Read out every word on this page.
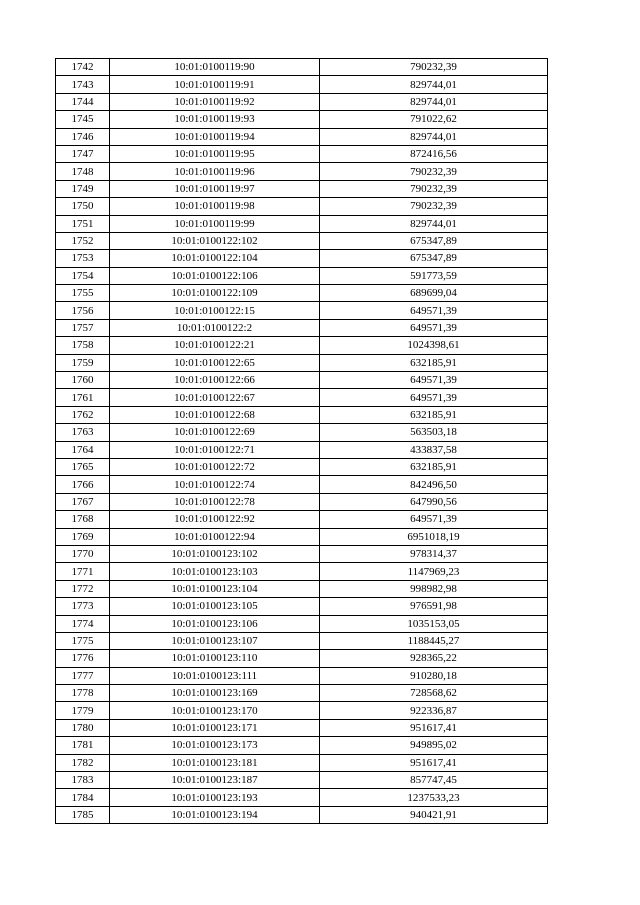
1742	10:01:0100119:90	790232,39
1743	10:01:0100119:91	829744,01
1744	10:01:0100119:92	829744,01
1745	10:01:0100119:93	791022,62
1746	10:01:0100119:94	829744,01
1747	10:01:0100119:95	872416,56
1748	10:01:0100119:96	790232,39
1749	10:01:0100119:97	790232,39
1750	10:01:0100119:98	790232,39
1751	10:01:0100119:99	829744,01
1752	10:01:0100122:102	675347,89
1753	10:01:0100122:104	675347,89
1754	10:01:0100122:106	591773,59
1755	10:01:0100122:109	689699,04
1756	10:01:0100122:15	649571,39
1757	10:01:0100122:2	649571,39
1758	10:01:0100122:21	1024398,61
1759	10:01:0100122:65	632185,91
1760	10:01:0100122:66	649571,39
1761	10:01:0100122:67	649571,39
1762	10:01:0100122:68	632185,91
1763	10:01:0100122:69	563503,18
1764	10:01:0100122:71	433837,58
1765	10:01:0100122:72	632185,91
1766	10:01:0100122:74	842496,50
1767	10:01:0100122:78	647990,56
1768	10:01:0100122:92	649571,39
1769	10:01:0100122:94	6951018,19
1770	10:01:0100123:102	978314,37
1771	10:01:0100123:103	1147969,23
1772	10:01:0100123:104	998982,98
1773	10:01:0100123:105	976591,98
1774	10:01:0100123:106	1035153,05
1775	10:01:0100123:107	1188445,27
1776	10:01:0100123:110	928365,22
1777	10:01:0100123:111	910280,18
1778	10:01:0100123:169	728568,62
1779	10:01:0100123:170	922336,87
1780	10:01:0100123:171	951617,41
1781	10:01:0100123:173	949895,02
1782	10:01:0100123:181	951617,41
1783	10:01:0100123:187	857747,45
1784	10:01:0100123:193	1237533,23
1785	10:01:0100123:194	940421,91
